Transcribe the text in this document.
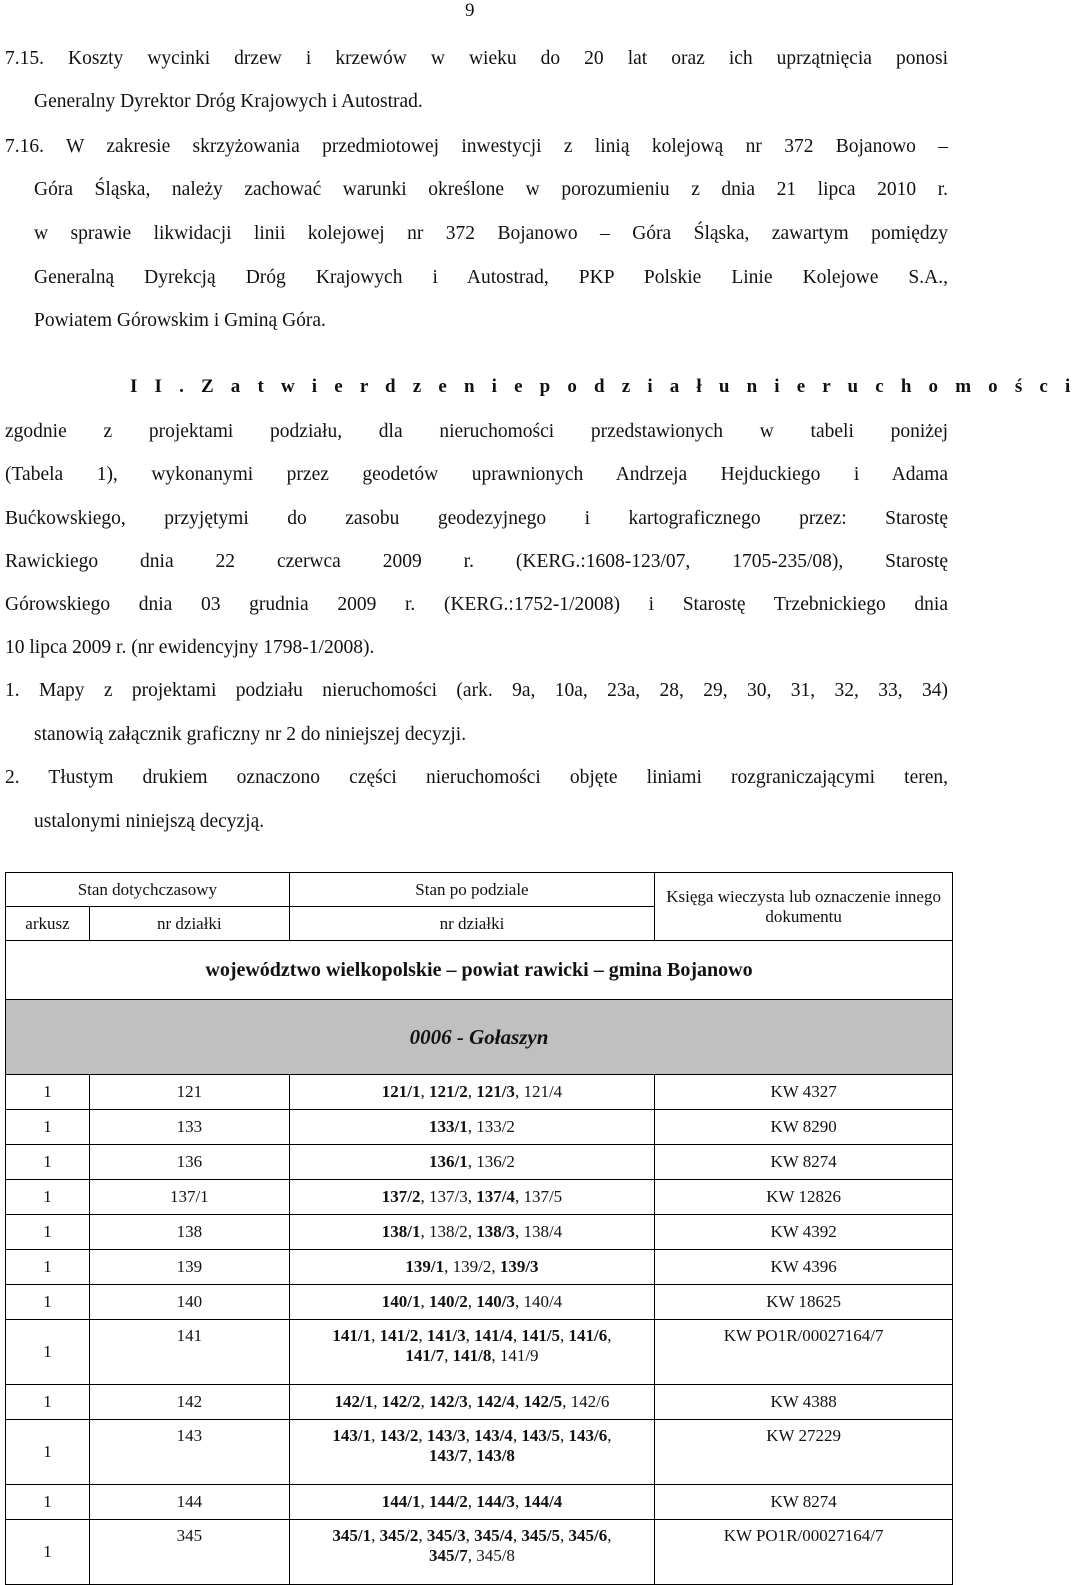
9

7.15. Koszty wycinki drzew i krzewów w wieku do 20 lat oraz ich uprzątnięcia ponosi

Generalny Dyrektor Dróg Krajowych i Autostrad.

7.16. W zakresie skrzyżowania przedmiotowej inwestycji z linią kolejową nr 372 Bojanowo –

Góra Śląska, należy zachować warunki określone w porozumieniu z dnia 21 lipca 2010 r.

w sprawie likwidacji linii kolejowej nr 372 Bojanowo – Góra Śląska, zawartym pomiędzy

Generalną Dyrekcją Dróg Krajowych i Autostrad, PKP Polskie Linie Kolejowe S.A.,

Powiatem Górowskim i Gminą Góra.

I I . Z a t w i e r d z e n i e p o d z i a ł u n i e r u c h o m o ś c i

zgodnie z projektami podziału, dla nieruchomości przedstawionych w tabeli poniżej

(Tabela 1), wykonanymi przez geodetów uprawnionych Andrzeja Hejduckiego i Adama

Bućkowskiego, przyjętymi do zasobu geodezyjnego i kartograficznego przez: Starostę

Rawickiego dnia 22 czerwca 2009 r. (KERG.:1608-123/07, 1705-235/08), Starostę

Górowskiego dnia 03 grudnia 2009 r. (KERG.:1752-1/2008) i Starostę Trzebnickiego dnia

10 lipca 2009 r. (nr ewidencyjny 1798-1/2008).

1. Mapy z projektami podziału nieruchomości (ark. 9a, 10a, 23a, 28, 29, 30, 31, 32, 33, 34)

stanowią załącznik graficzny nr 2 do niniejszej decyzji.

2. Tłustym drukiem oznaczono części nieruchomości objęte liniami rozgraniczającymi teren,

ustalonymi niniejszą decyzją.

Stan dotychczasowy		Stan po podziale	Księga wieczysta lub oznaczenie innego dokumentu
arkusz	nr działki	nr działki	
województwo wielkopolskie – powiat rawicki – gmina Bojanowo			
0006 - Gołaszyn			
1	121	121/1, 121/2, 121/3, 121/4	KW 4327
1	133	133/1, 133/2	KW 8290
1	136	136/1, 136/2	KW 8274
1	137/1	137/2, 137/3, 137/4, 137/5	KW 12826
1	138	138/1, 138/2, 138/3, 138/4	KW 4392
1	139	139/1, 139/2, 139/3	KW 4396
1	140	140/1, 140/2, 140/3, 140/4	KW 18625
1	141	141/1, 141/2, 141/3, 141/4, 141/5, 141/6,
141/7, 141/8, 141/9	KW PO1R/00027164/7
1	142	142/1, 142/2, 142/3, 142/4, 142/5, 142/6	KW 4388
1	143	143/1, 143/2, 143/3, 143/4, 143/5, 143/6,
143/7, 143/8	KW 27229
1	144	144/1, 144/2, 144/3, 144/4	KW 8274
1	345	345/1, 345/2, 345/3, 345/4, 345/5, 345/6,
345/7, 345/8	KW PO1R/00027164/7
